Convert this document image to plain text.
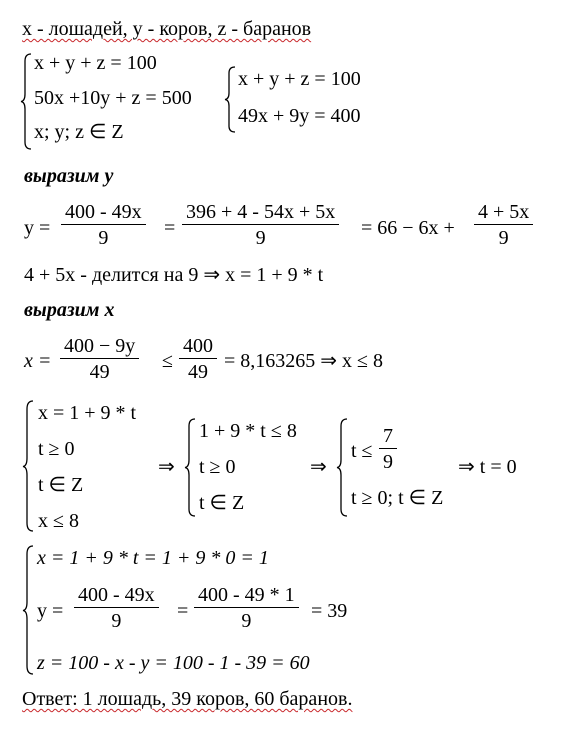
x - лошадей, y - коров, z - баранов
x + y + z = 100
50x +10y + z = 500
x; y; z ∈ Z
x + y + z = 100
49x + 9y = 400
выразим y
$y = \frac{400 - 49x}{9} = \frac{396 + 4 - 54x + 5x}{9} = 66 - 6x + \frac{4 + 5x}{9}$
4 + 5x - делится на 9 ⇒ x = 1 + 9 * t
выразим x
$x = \frac{400 - 9y}{49} \le \frac{400}{49} = 8,163265$ ⇒ x ≤ 8
x = 1 + 9 * t
t ≥ 0
t ∈ Z
x ≤ 8
⇒
1 + 9 * t ≤ 8
t ≥ 0
t ∈ Z
⇒
$t \le \frac{7}{9}$
t ≥ 0; t ∈ Z
⇒ t = 0
x = 1 + 9 * t = 1 + 9 * 0 = 1
$y = \frac{400 - 49x}{9} = \frac{400 - 49 * 1}{9} = 39$
z = 100 - x - y = 100 - 1 - 39 = 60
Ответ: 1 лошадь, 39 коров, 60 баранов.
